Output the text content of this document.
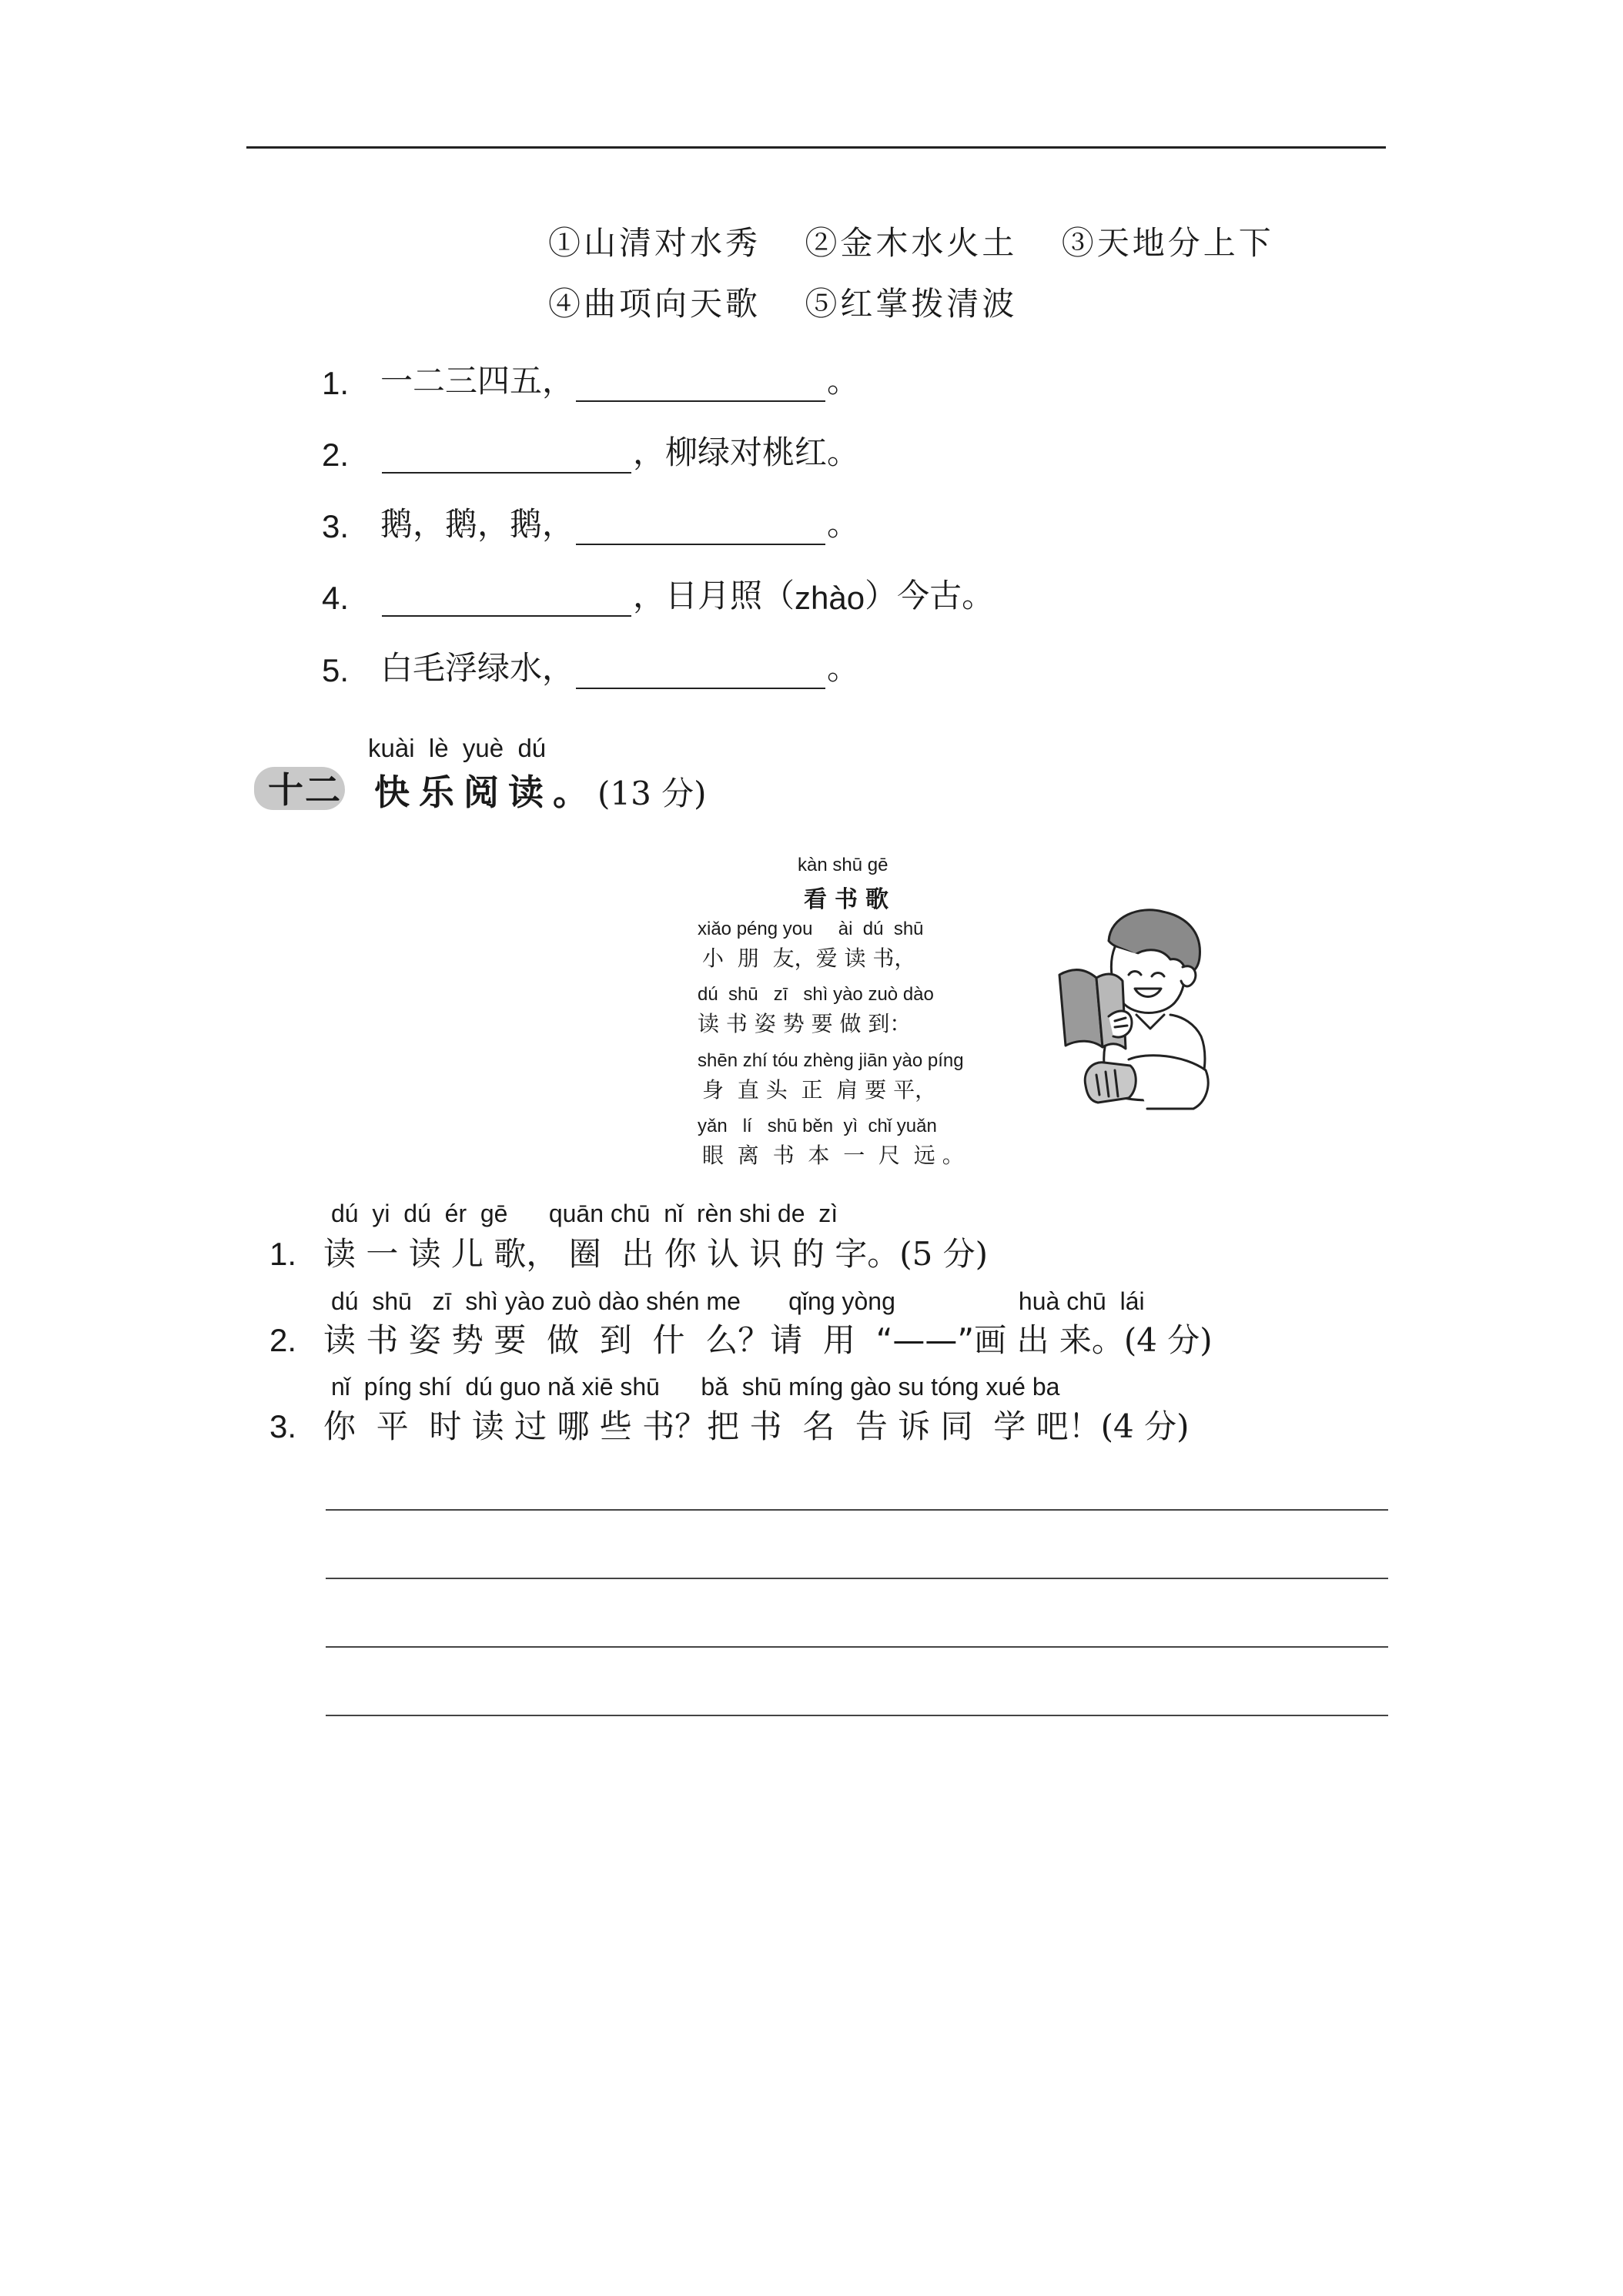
①山清对水秀 ②金木水火土 ③天地分上下
④曲项向天歌 ⑤红掌拨清波
1. 一二三四五，	。
2.	，柳绿对桃红。
3. 鹅，鹅，鹅，	。
4.	，日月照（ zhào ）今古。
5. 白毛浮绿水，	。
kuài  lè  yuè  dú
十二 快乐阅读。(13 分)
kàn shū gē
看书歌
xiǎo péng you     ài  dú  shū
小  朋  友，爱 读 书，
dú  shū   zī   shì yào zuò dào
读 书 姿 势 要 做 到：
shēn zhí tóu zhèng jiān yào píng
身  直 头  正  肩 要 平，
yǎn   lí   shū běn  yì  chǐ yuǎn
眼  离  书  本  一  尺  远 。
dú  yi  dú  ér  gē      quān chū  nǐ  rèn shi de  zì
1. 读 一 读 儿 歌， 圈  出 你 认 识 的 字。(5 分)
dú  shū   zī  shì yào zuò dào shén me       qǐng yòng                  huà chū  lái
2. 读 书 姿 势 要  做  到  什  么？请  用  “——”画 出 来。(4 分)
nǐ  píng shí  dú guo nǎ xiē shū      bǎ  shū míng gào su tóng xué ba
3. 你  平  时 读 过 哪 些 书？把 书  名  告 诉 同  学 吧！(4 分)
